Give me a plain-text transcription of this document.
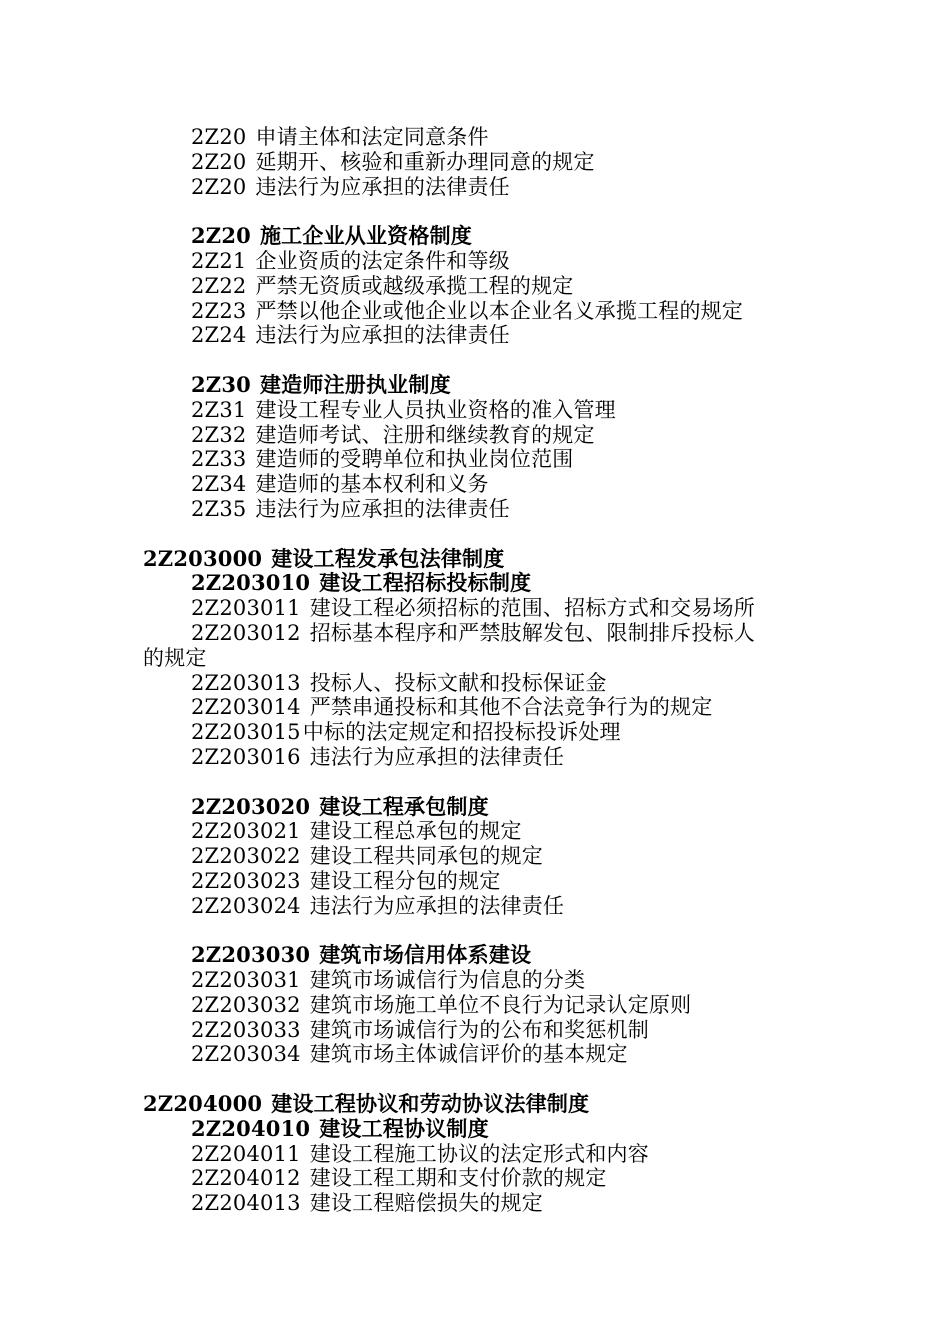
2Z20 申请主体和法定同意条件
2Z20 延期开、核验和重新办理同意的规定
2Z20 违法行为应承担的法律责任
2Z20 施工企业从业资格制度
2Z21 企业资质的法定条件和等级
2Z22 严禁无资质或越级承揽工程的规定
2Z23 严禁以他企业或他企业以本企业名义承揽工程的规定
2Z24 违法行为应承担的法律责任
2Z30 建造师注册执业制度
2Z31 建设工程专业人员执业资格的准入管理
2Z32 建造师考试、注册和继续教育的规定
2Z33 建造师的受聘单位和执业岗位范围
2Z34 建造师的基本权利和义务
2Z35 违法行为应承担的法律责任
2Z203000 建设工程发承包法律制度
2Z203010 建设工程招标投标制度
2Z203011 建设工程必须招标的范围、招标方式和交易场所
2Z203012 招标基本程序和严禁肢解发包、限制排斥投标人
的规定
2Z203013 投标人、投标文献和投标保证金
2Z203014 严禁串通投标和其他不合法竞争行为的规定
2Z203015中标的法定规定和招投标投诉处理
2Z203016 违法行为应承担的法律责任
2Z203020 建设工程承包制度
2Z203021 建设工程总承包的规定
2Z203022 建设工程共同承包的规定
2Z203023 建设工程分包的规定
2Z203024 违法行为应承担的法律责任
2Z203030 建筑市场信用体系建设
2Z203031 建筑市场诚信行为信息的分类
2Z203032 建筑市场施工单位不良行为记录认定原则
2Z203033 建筑市场诚信行为的公布和奖惩机制
2Z203034 建筑市场主体诚信评价的基本规定
2Z204000 建设工程协议和劳动协议法律制度
2Z204010 建设工程协议制度
2Z204011 建设工程施工协议的法定形式和内容
2Z204012 建设工程工期和支付价款的规定
2Z204013 建设工程赔偿损失的规定
